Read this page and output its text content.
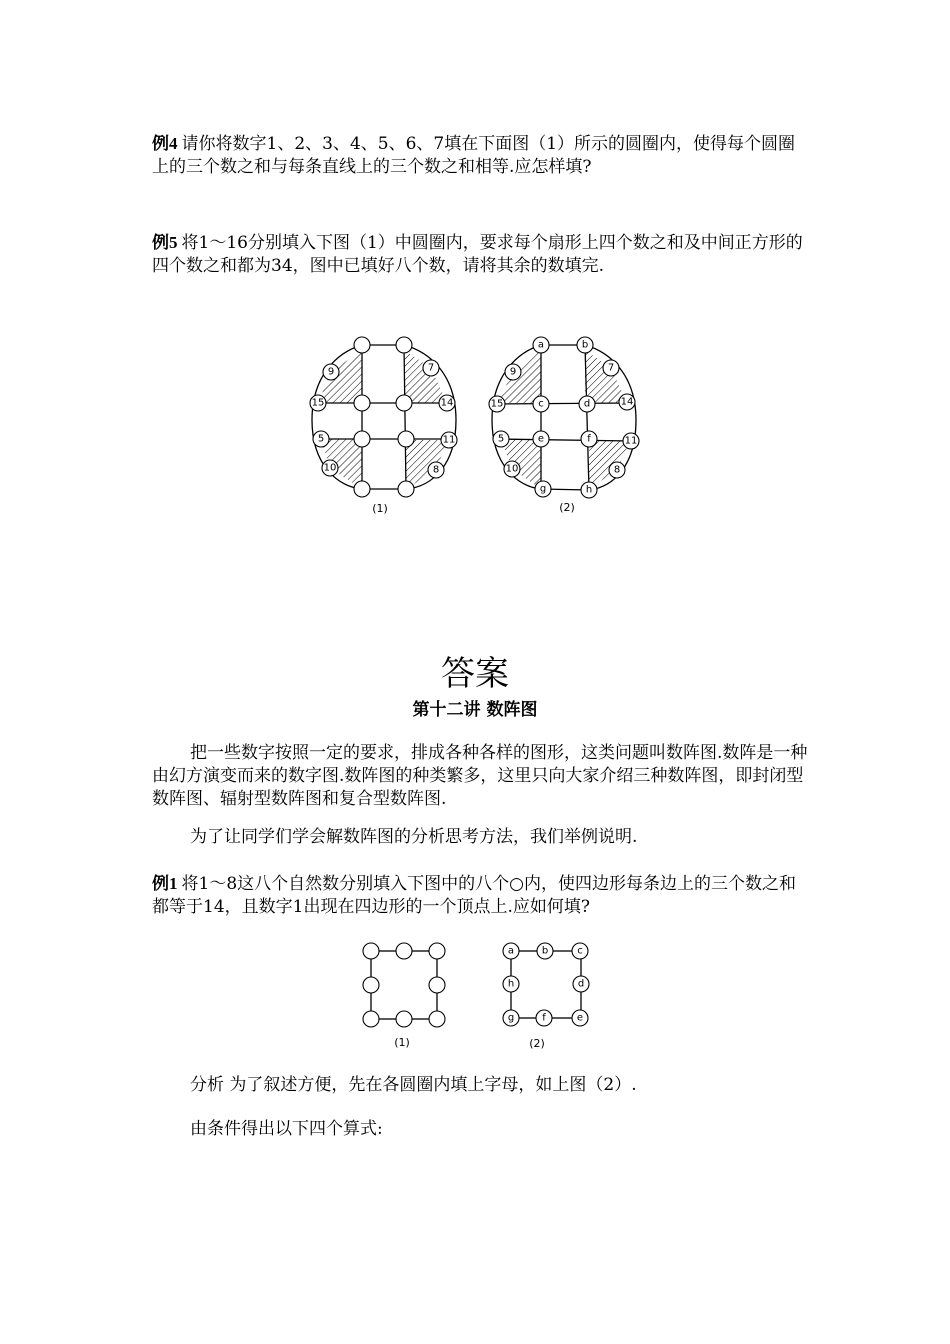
例4 请你将数字1、2、3、4、5、6、7填在下面图（1）所示的圆圈内，使得每个圆圈上的三个数之和与每条直线上的三个数之和相等.应怎样填?

例5 将1～16分别填入下图（1）中圆圈内，要求每个扇形上四个数之和及中间正方形的四个数之和都为34，图中已填好八个数，请将其余的数填完.

9
15
5
10
7
14
11
8
(1)
a	b
c	d
e	f
g	h
9
15
5
10
7
14
11
8
(2)
答案
第十二讲 数阵图

把一些数字按照一定的要求，排成各种各样的图形，这类问题叫数阵图.数阵是一种由幻方演变而来的数字图.数阵图的种类繁多，这里只向大家介绍三种数阵图，即封闭型数阵图、辐射型数阵图和复合型数阵图.

为了让同学们学会解数阵图的分析思考方法，我们举例说明.

例1 将1～8这八个自然数分别填入下图中的八个○内，使四边形每条边上的三个数之和都等于14，且数字1出现在四边形的一个顶点上.应如何填?

(1)
a	b	c
d
e
f
g
h
(2)

分析 为了叙述方便，先在各圆圈内填上字母，如上图（2）.

由条件得出以下四个算式:
